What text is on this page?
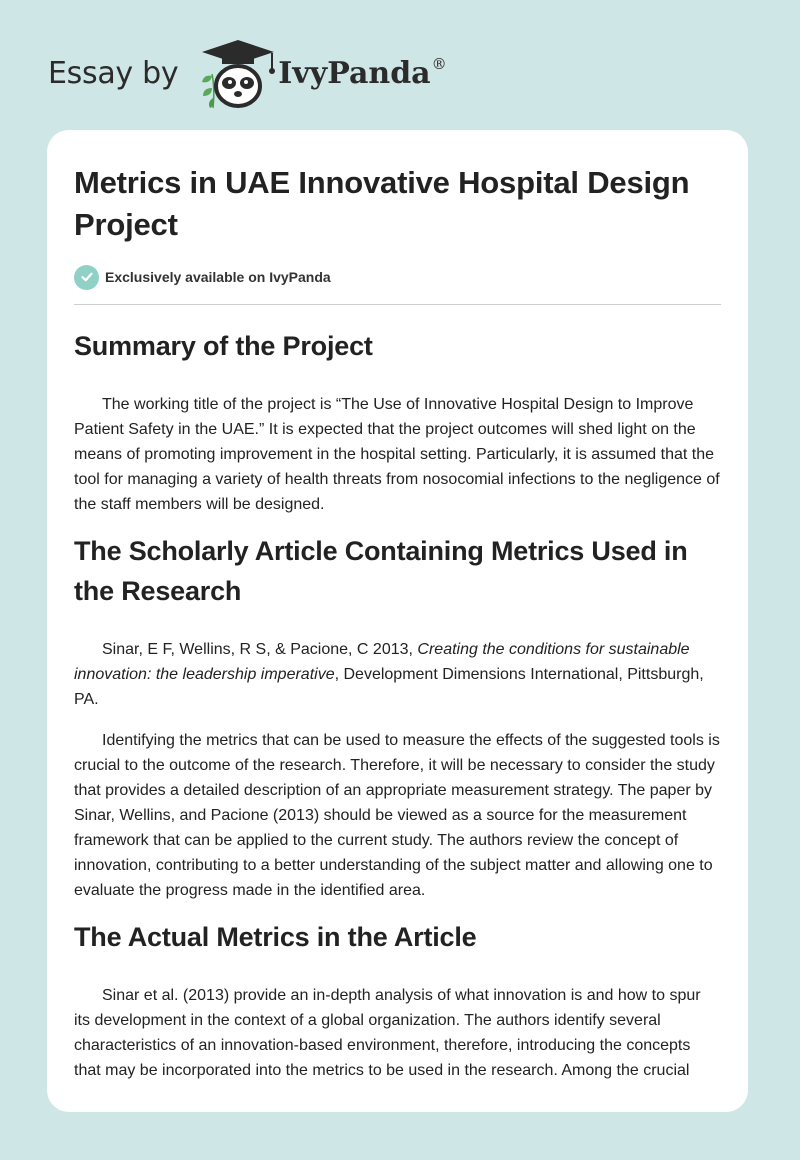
Essay by	IvyPanda®
Metrics in UAE Innovative Hospital Design Project
Exclusively available on IvyPanda
Summary of the Project

The working title of the project is “The Use of Innovative Hospital Design to Improve Patient Safety in the UAE.” It is expected that the project outcomes will shed light on the means of promoting improvement in the hospital setting. Particularly, it is assumed that the tool for managing a variety of health threats from nosocomial infections to the negligence of the staff members will be designed.

The Scholarly Article Containing Metrics Used in the Research

Sinar, E F, Wellins, R S, & Pacione, C 2013, Creating the conditions for sustainable innovation: the leadership imperative, Development Dimensions International, Pittsburgh, PA.

Identifying the metrics that can be used to measure the effects of the suggested tools is crucial to the outcome of the research. Therefore, it will be necessary to consider the study that provides a detailed description of an appropriate measurement strategy. The paper by Sinar, Wellins, and Pacione (2013) should be viewed as a source for the measurement framework that can be applied to the current study. The authors review the concept of innovation, contributing to a better understanding of the subject matter and allowing one to evaluate the progress made in the identified area.

The Actual Metrics in the Article

Sinar et al. (2013) provide an in-depth analysis of what innovation is and how to spur its development in the context of a global organization. The authors identify several characteristics of an innovation-based environment, therefore, introducing the concepts that may be incorporated into the metrics to be used in the research. Among the crucial
